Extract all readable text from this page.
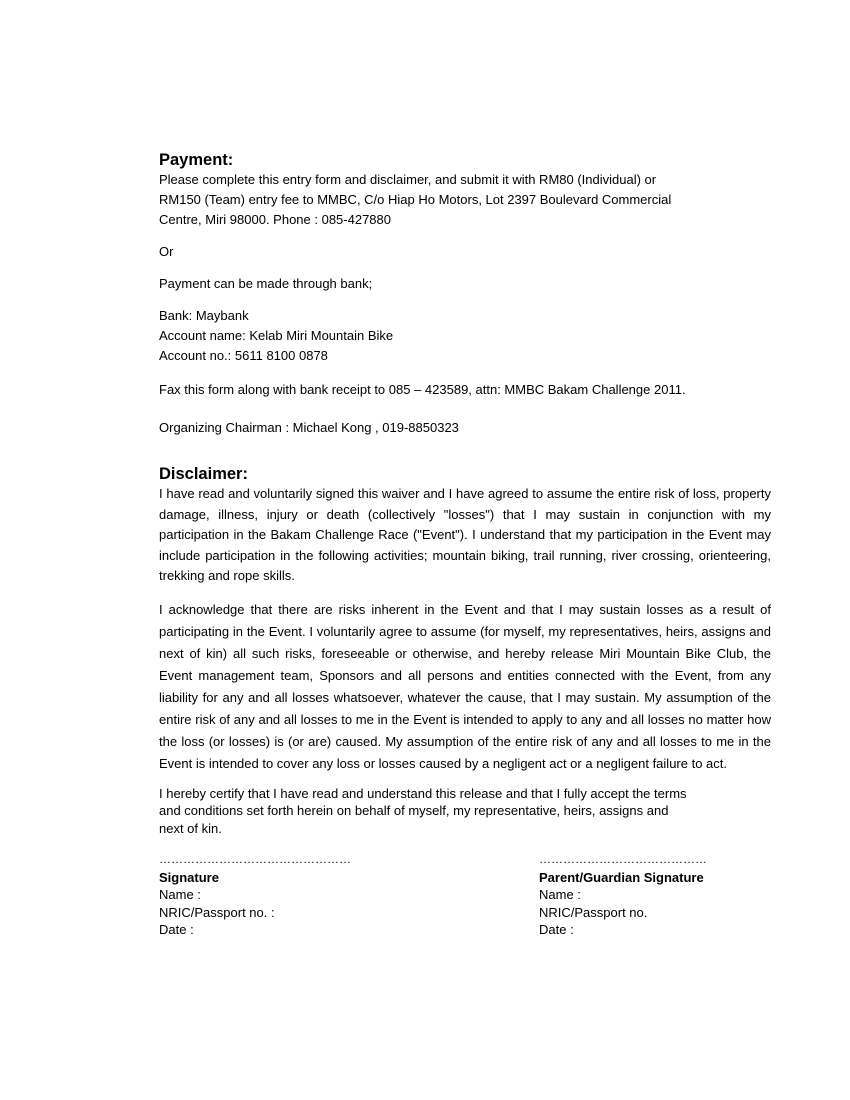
Payment:
Please complete this entry form and disclaimer, and submit it with RM80 (Individual) or
RM150 (Team) entry fee to MMBC, C/o Hiap Ho Motors, Lot 2397 Boulevard Commercial
Centre, Miri 98000. Phone : 085-427880
Or
Payment can be made through bank;
Bank: Maybank
Account name: Kelab Miri Mountain Bike
Account no.: 5611 8100 0878
Fax this form along with bank receipt to 085 – 423589, attn: MMBC Bakam Challenge 2011.
Organizing Chairman : Michael Kong , 019-8850323
Disclaimer:

I have read and voluntarily signed this waiver and I have agreed to assume the entire risk of loss, property damage, illness, injury or death (collectively "losses") that I may sustain in conjunction with my participation in the Bakam Challenge Race ("Event"). I understand that my participation in the Event may include participation in the following activities; mountain biking, trail running, river crossing, orienteering, trekking and rope skills.

I acknowledge that there are risks inherent in the Event and that I may sustain losses as a result of participating in the Event. I voluntarily agree to assume (for myself, my representatives, heirs, assigns and next of kin) all such risks, foreseeable or otherwise, and hereby release Miri Mountain Bike Club, the Event management team, Sponsors and all persons and entities connected with the Event, from any liability for any and all losses whatsoever, whatever the cause, that I may sustain. My assumption of the entire risk of any and all losses to me in the Event is intended to apply to any and all losses no matter how the loss (or losses) is (or are) caused. My assumption of the entire risk of any and all losses to me in the Event is intended to cover any loss or losses caused by a negligent act or a negligent failure to act.

I hereby certify that I have read and understand this release and that I fully accept the terms
and conditions set forth herein on behalf of myself, my representative, heirs, assigns and
next of kin.
…………………………………………
Signature
Name :
NRIC/Passport no. :
Date :
……………………………………
Parent/Guardian Signature
Name :
NRIC/Passport no.
Date :
